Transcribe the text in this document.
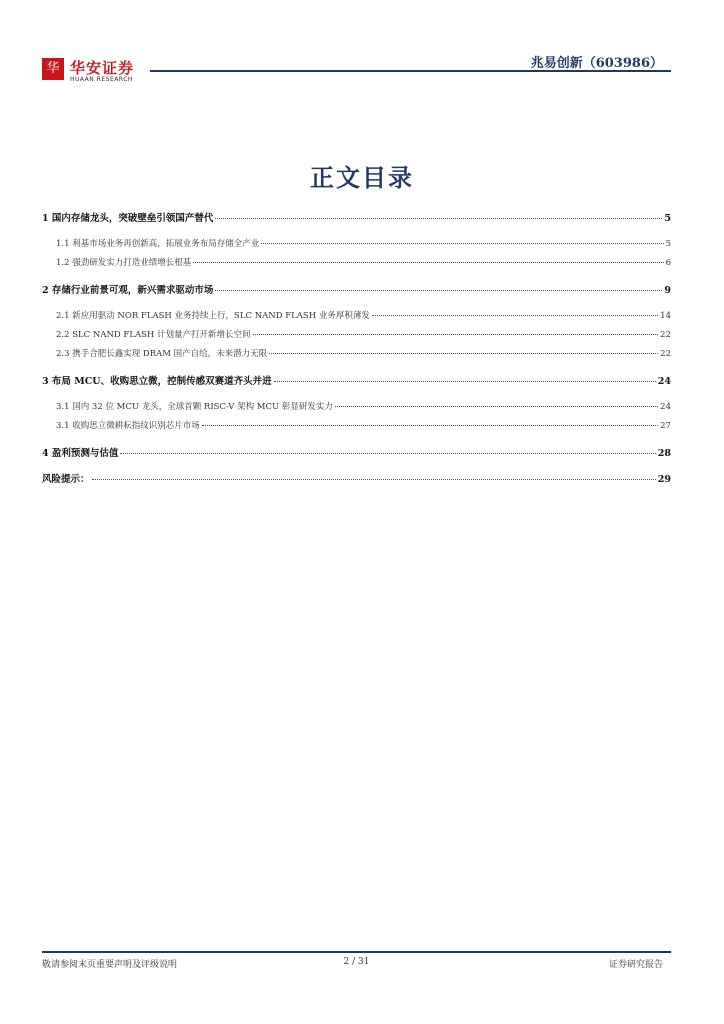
华 华安证券
HUAAN RESEARCH
兆易创新（603986）
正文目录
1 国内存储龙头，突破壁垒引领国产替代	5
1.1 利基市场业务再创新高，拓展业务布局存储全产业	5
1.2 强劲研发实力打造业绩增长根基	6
2 存储行业前景可观，新兴需求驱动市场	9
2.1 新应用驱动 NOR FLASH 业务持续上行，SLC NAND FLASH 业务厚积薄发	14
2.2 SLC NAND FLASH 计划量产打开新增长空间	22
2.3 携手合肥长鑫实现 DRAM 国产自给，未来潜力无限	22
3 布局 MCU、收购思立微，控制传感双赛道齐头并进	24
3.1 国内 32 位 MCU 龙头，全球首颗 RISC-V 架构 MCU 彰显研发实力	24
3.1 收购思立微耕耘指纹识别芯片市场	27
4 盈利预测与估值	28
风险提示：	29
敬请参阅末页重要声明及评级说明	2 / 31	证券研究报告
